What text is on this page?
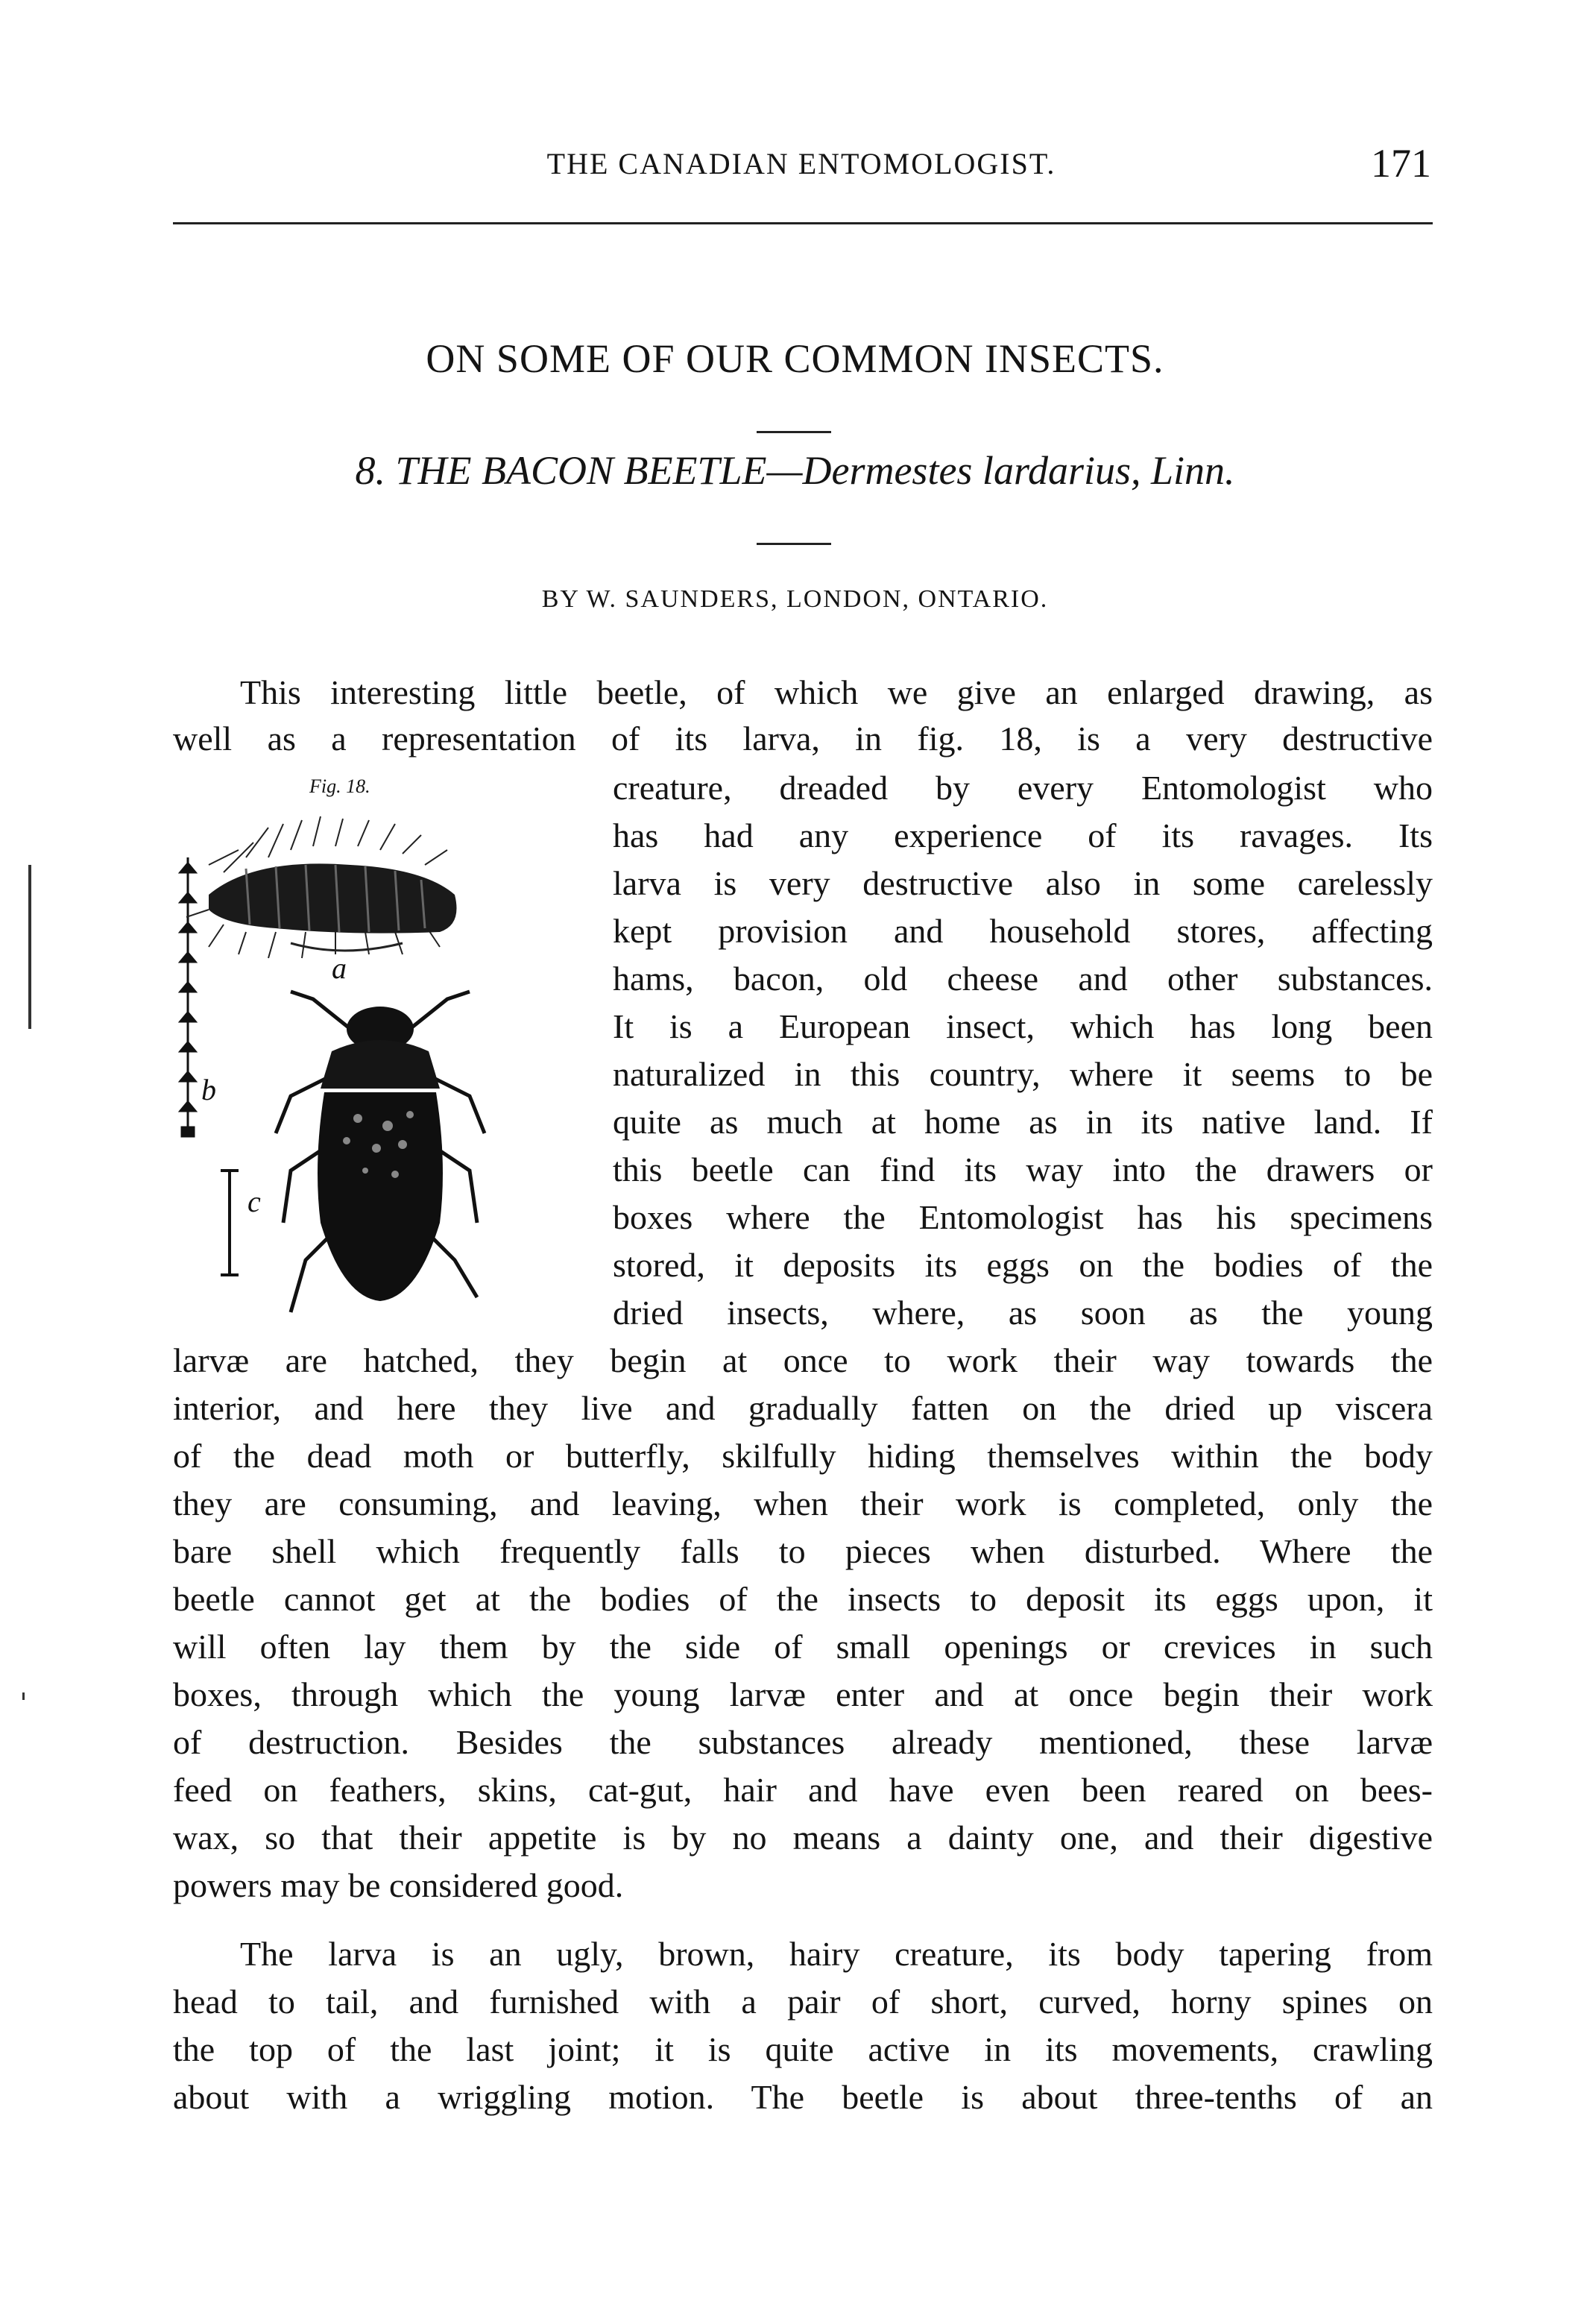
THE CANADIAN ENTOMOLOGIST.	171
ON SOME OF OUR COMMON INSECTS.
8. THE BACON BEETLE—Dermestes lardarius, Linn.
BY W. SAUNDERS, LONDON, ONTARIO.
Fig. 18.
a
b
c
This interesting little beetle, of which we give an enlarged drawing, as
well as a representation of its larva, in fig. 18, is a very destructive
creature, dreaded by every Entomologist who
has had any experience of its ravages. Its
larva is very destructive also in some carelessly
kept provision and household stores, affecting
hams, bacon, old cheese and other substances.
It is a European insect, which has long been
naturalized in this country, where it seems to be
quite as much at home as in its native land. If
this beetle can find its way into the drawers or
boxes where the Entomologist has his specimens
stored, it deposits its eggs on the bodies of the
dried insects, where, as soon as the young
larvæ are hatched, they begin at once to work their way towards the
interior, and here they live and gradually fatten on the dried up viscera
of the dead moth or butterfly, skilfully hiding themselves within the body
they are consuming, and leaving, when their work is completed, only the
bare shell which frequently falls to pieces when disturbed. Where the
beetle cannot get at the bodies of the insects to deposit its eggs upon, it
will often lay them by the side of small openings or crevices in such
boxes, through which the young larvæ enter and at once begin their work
of destruction. Besides the substances already mentioned, these larvæ
feed on feathers, skins, cat-gut, hair and have even been reared on bees-
wax, so that their appetite is by no means a dainty one, and their digestive
powers may be considered good.
The larva is an ugly, brown, hairy creature, its body tapering from
head to tail, and furnished with a pair of short, curved, horny spines on
the top of the last joint; it is quite active in its movements, crawling
about with a wriggling motion. The beetle is about three-tenths of an
